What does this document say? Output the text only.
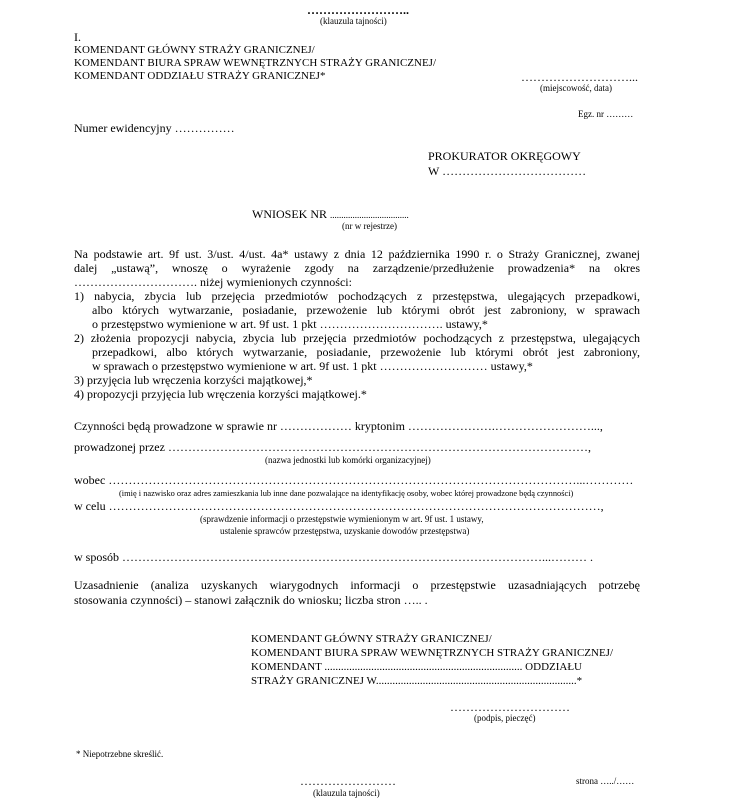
……………………..
(klauzula tajności)
I.
KOMENDANT GŁÓWNY STRAŻY GRANICZNEJ/
KOMENDANT BIURA SPRAW WEWNĘTRZNYCH STRAŻY GRANICZNEJ/
KOMENDANT ODDZIAŁU STRAŻY GRANICZNEJ*	………………………...
(miejscowość, data)
Egz. nr ………
Numer ewidencyjny ……………
PROKURATOR OKRĘGOWY
W ………………………………
WNIOSEK NR ...................................
(nr w rejestrze)
Na podstawie art. 9f ust. 3/ust. 4/ust. 4a* ustawy z dnia 12 października 1990 r. o Straży Granicznej, zwanej
dalej „ustawą”, wnoszę o wyrażenie zgody na zarządzenie/przedłużenie prowadzenia* na okres
…………………………. niżej wymienionych czynności:
1) nabycia, zbycia lub przejęcia przedmiotów pochodzących z przestępstwa, ulegających przepadkowi,
albo których wytwarzanie, posiadanie, przewożenie lub którymi obrót jest zabroniony, w sprawach
o przestępstwo wymienione w art. 9f ust. 1 pkt …………………………. ustawy,*
2) złożenia propozycji nabycia, zbycia lub przejęcia przedmiotów pochodzących z przestępstwa, ulegających
przepadkowi, albo których wytwarzanie, posiadanie, przewożenie lub którymi obrót jest zabroniony,
w sprawach o przestępstwo wymienione w art. 9f ust. 1 pkt ……………………… ustawy,*
3) przyjęcia lub wręczenia korzyści majątkowej,*
4) propozycji przyjęcia lub wręczenia korzyści majątkowej.*
Czynności będą prowadzone w sprawie nr ……………… kryptonim ………………….……………………...,
prowadzonej przez ……………………………………………………………………………………………,
(nazwa jednostki lub komórki organizacyjnej)
wobec ………………………………………………………………………………………………………...…………
(imię i nazwisko oraz adres zamieszkania lub inne dane pozwalające na identyfikację osoby, wobec której prowadzone będą czynności)
w celu ……………………………………………………………………………………………………………,
(sprawdzenie informacji o przestępstwie wymienionym w art. 9f ust. 1 ustawy,
ustalenie sprawców przestępstwa, uzyskanie dowodów przestępstwa)
w sposób ……………………………………………………………………………………………...……… .
Uzasadnienie (analiza uzyskanych wiarygodnych informacji o przestępstwie uzasadniających potrzebę
stosowania czynności) – stanowi załącznik do wniosku; liczba stron ….. .
KOMENDANT GŁÓWNY STRAŻY GRANICZNEJ/
KOMENDANT BIURA SPRAW WEWNĘTRZNYCH STRAŻY GRANICZNEJ/
KOMENDANT ........................................................................ ODDZIAŁU
STRAŻY GRANICZNEJ W.........................................................................*
…………………………
(podpis, pieczęć)
* Niepotrzebne skreślić.
……………………
(klauzula tajności)
strona …../……
